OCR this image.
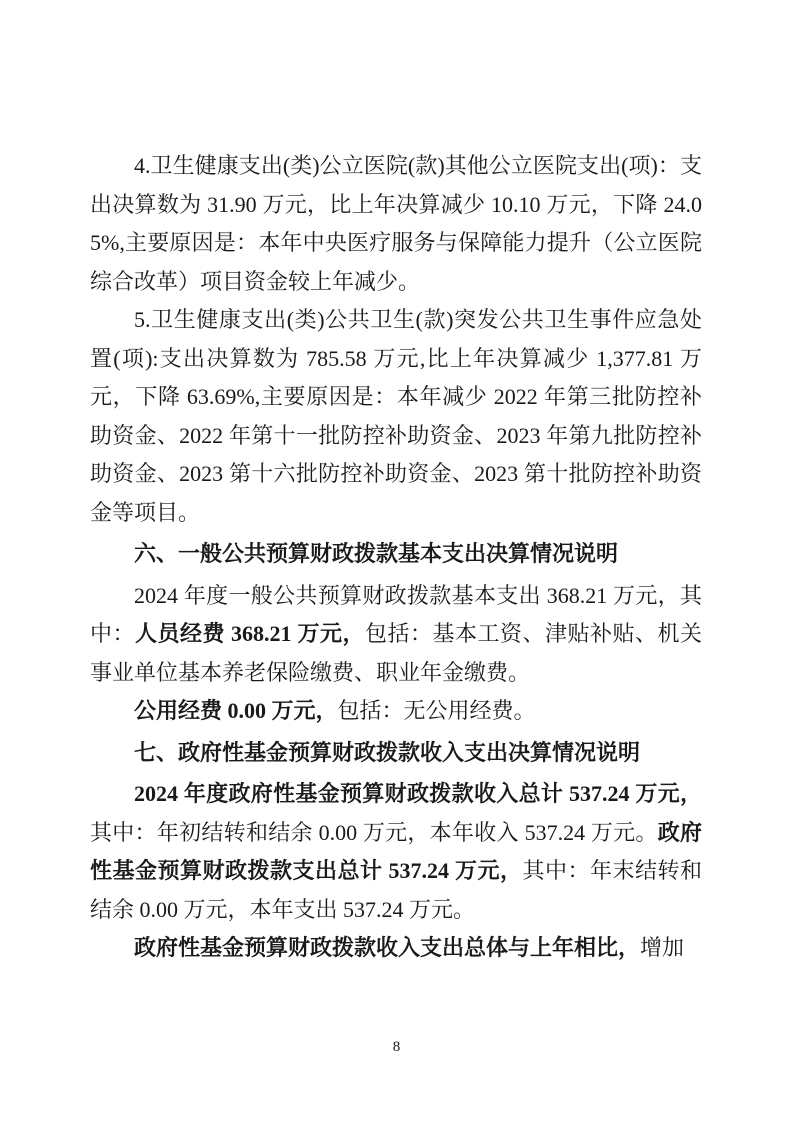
4.卫生健康支出(类)公立医院(款)其他公立医院支出(项)：支出决算数为 31.90 万元，比上年决算减少 10.10 万元，下降 24.05%,主要原因是：本年中央医疗服务与保障能力提升（公立医院综合改革）项目资金较上年减少。

5.卫生健康支出(类)公共卫生(款)突发公共卫生事件应急处置(项):支出决算数为 785.58 万元,比上年决算减少 1,377.81 万元，下降 63.69%,主要原因是：本年减少 2022 年第三批防控补助资金、2022 年第十一批防控补助资金、2023 年第九批防控补助资金、2023 第十六批防控补助资金、2023 第十批防控补助资金等项目。

六、一般公共预算财政拨款基本支出决算情况说明

2024 年度一般公共预算财政拨款基本支出 368.21 万元，其中：人员经费 368.21 万元，包括：基本工资、津贴补贴、机关事业单位基本养老保险缴费、职业年金缴费。

公用经费 0.00 万元，包括：无公用经费。

七、政府性基金预算财政拨款收入支出决算情况说明

2024 年度政府性基金预算财政拨款收入总计 537.24 万元，其中：年初结转和结余 0.00 万元，本年收入 537.24 万元。政府性基金预算财政拨款支出总计 537.24 万元，其中：年末结转和结余 0.00 万元，本年支出 537.24 万元。

政府性基金预算财政拨款收入支出总体与上年相比，增加

8
